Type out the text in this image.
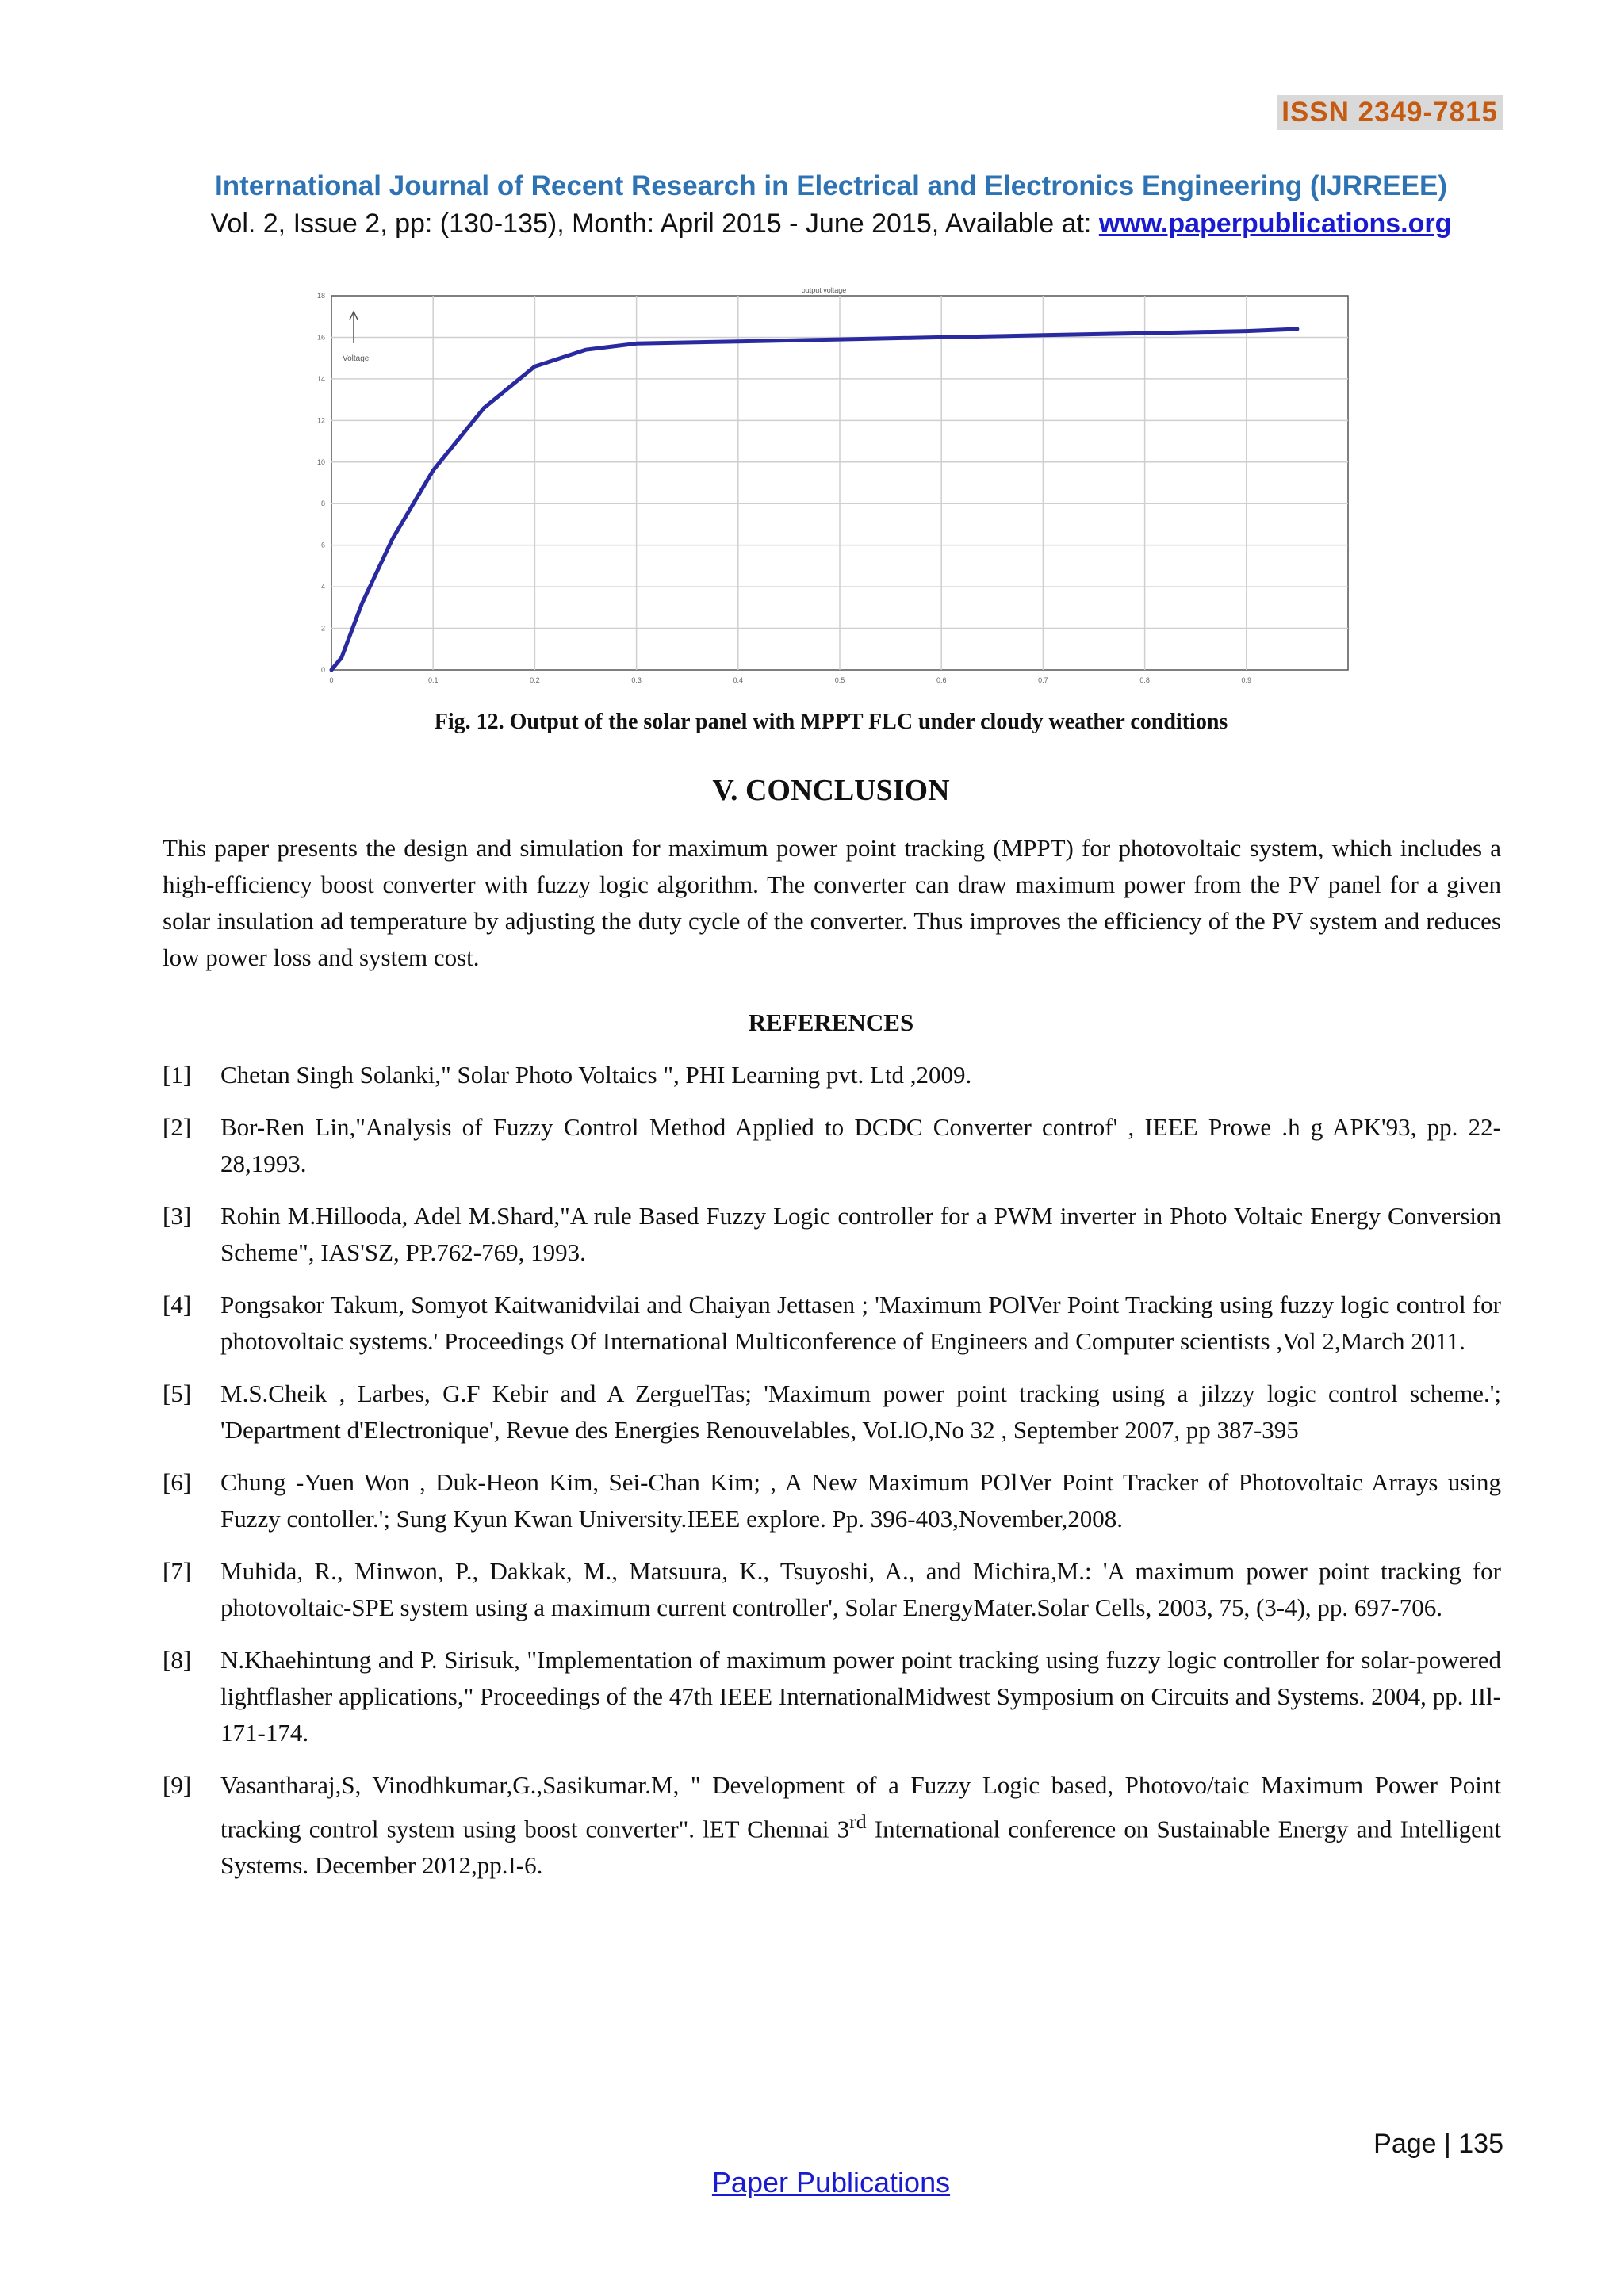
ISSN 2349-7815
International Journal of Recent Research in Electrical and Electronics Engineering (IJRREEE)
Vol. 2, Issue 2, pp: (130-135), Month: April 2015 - June 2015, Available at: www.paperpublications.org
0	0.1	0.2	0.3	0.4	0.5	0.6	0.7	0.8	0.9
0
2
4
6
8
10
12
14
16
18
output voltage
Voltage
Fig. 12. Output of the solar panel with MPPT FLC under cloudy weather conditions
V. CONCLUSION

This paper presents the design and simulation for maximum power point tracking (MPPT) for photovoltaic system, which includes a high-efficiency boost converter with fuzzy logic algorithm. The converter can draw maximum power from the PV panel for a given solar insulation ad temperature by adjusting the duty cycle of the converter. Thus improves the efficiency of the PV system and reduces low power loss and system cost.

REFERENCES
[1] Chetan Singh Solanki," Solar Photo Voltaics ", PHI Learning pvt. Ltd ,2009.
[2] Bor-Ren Lin,"Analysis of Fuzzy Control Method Applied to DCDC Converter controf' , IEEE Prowe .h g APK'93, pp. 22- 28,1993.
[3] Rohin M.Hillooda, Adel M.Shard,"A rule Based Fuzzy Logic controller for a PWM inverter in Photo Voltaic Energy Conversion Scheme", IAS'SZ, PP.762-769, 1993.
[4] Pongsakor Takum, Somyot Kaitwanidvilai and Chaiyan Jettasen ; 'Maximum POlVer Point Tracking using fuzzy logic control for photovoltaic systems.' Proceedings Of International Multiconference of Engineers and Computer scientists ,Vol 2,March 2011.
[5] M.S.Cheik , Larbes, G.F Kebir and A ZerguelTas; 'Maximum power point tracking using a jilzzy logic control scheme.'; 'Department d'Electronique', Revue des Energies Renouvelables, VoI.lO,No 32 , September 2007, pp 387-395
[6] Chung -Yuen Won , Duk-Heon Kim, Sei-Chan Kim; , A New Maximum POlVer Point Tracker of Photovoltaic Arrays using Fuzzy contoller.'; Sung Kyun Kwan University.IEEE explore. Pp. 396-403,November,2008.
[7] Muhida, R., Minwon, P., Dakkak, M., Matsuura, K., Tsuyoshi, A., and Michira,M.: 'A maximum power point tracking for photovoltaic-SPE system using a maximum current controller', Solar EnergyMater.Solar Cells, 2003, 75, (3-4), pp. 697-706.
[8] N.Khaehintung and P. Sirisuk, "Implementation of maximum power point tracking using fuzzy logic controller for solar-powered lightflasher applications," Proceedings of the 47th IEEE InternationalMidwest Symposium on Circuits and Systems. 2004, pp. IIl-171-174.
[9] Vasantharaj,S, Vinodhkumar,G.,Sasikumar.M, " Development of a Fuzzy Logic based, Photovo/taic Maximum Power Point tracking control system using boost converter". lET Chennai 3rd International conference on Sustainable Energy and Intelligent Systems. December 2012,pp.I-6.
Page | 135
Paper Publications
